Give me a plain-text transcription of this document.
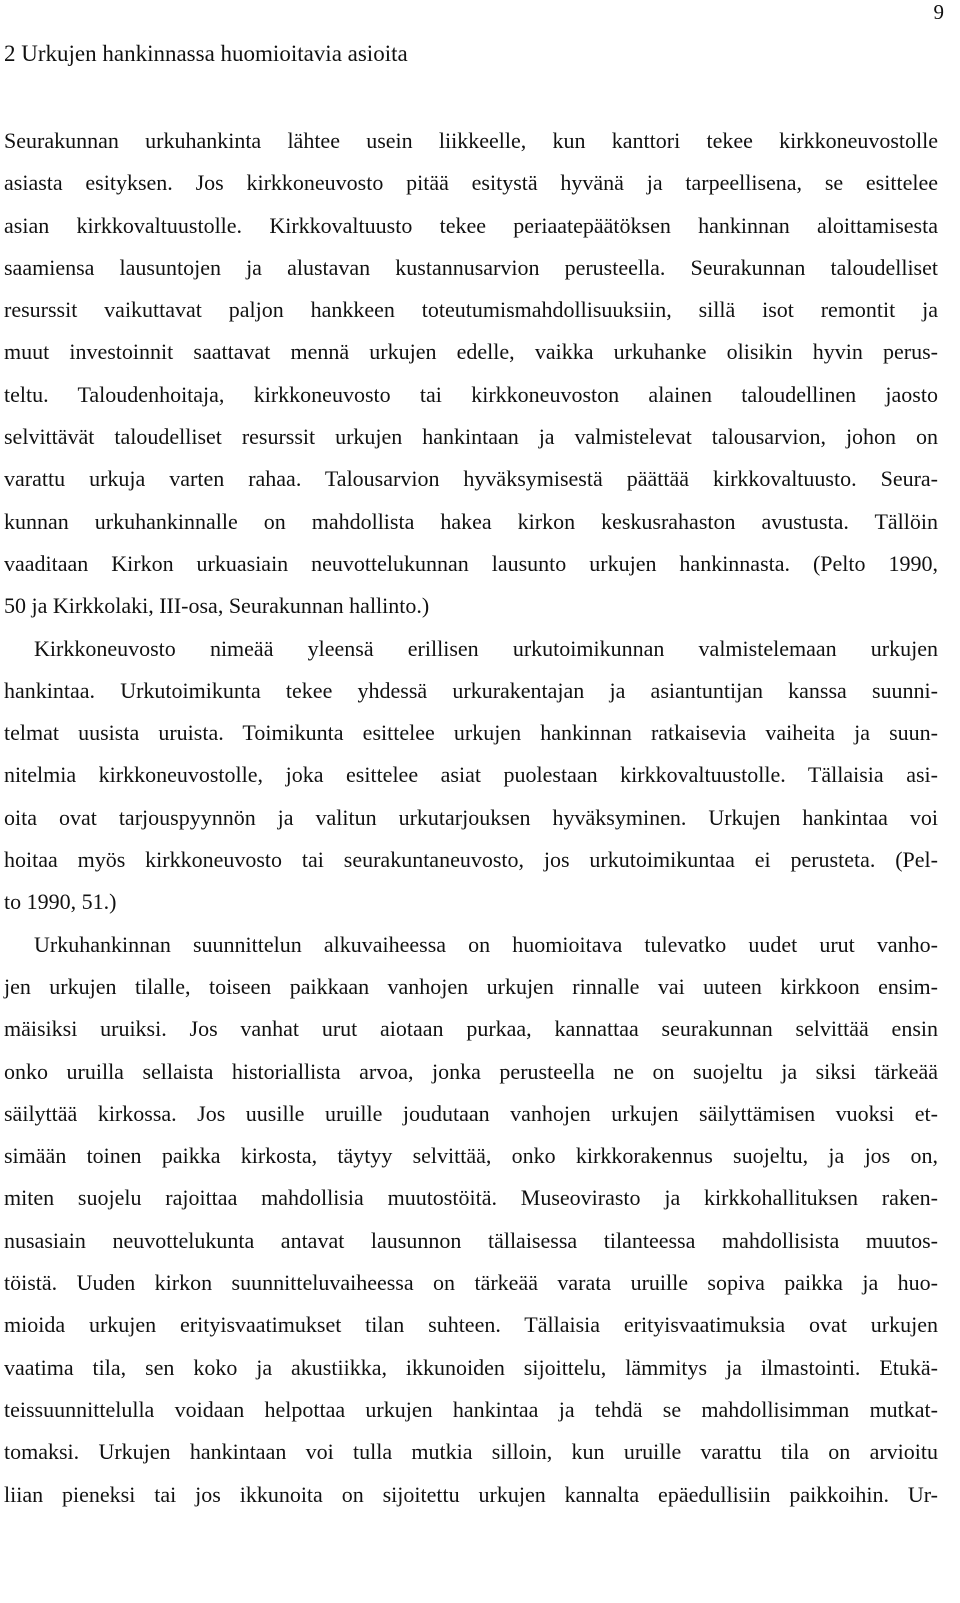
9
2 Urkujen hankinnassa huomioitavia asioita
Seurakunnan urkuhankinta lähtee usein liikkeelle, kun kanttori tekee kirkkoneuvostolle
asiasta esityksen. Jos kirkkoneuvosto pitää esitystä hyvänä ja tarpeellisena, se esittelee
asian kirkkovaltuustolle. Kirkkovaltuusto tekee periaatepäätöksen hankinnan aloittamisesta
saamiensa lausuntojen ja alustavan kustannusarvion perusteella. Seurakunnan taloudelliset
resurssit vaikuttavat paljon hankkeen toteutumismahdollisuuksiin, sillä isot remontit ja
muut investoinnit saattavat mennä urkujen edelle, vaikka urkuhanke olisikin hyvin perus-
teltu. Taloudenhoitaja, kirkkoneuvosto tai kirkkoneuvoston alainen taloudellinen jaosto
selvittävät taloudelliset resurssit urkujen hankintaan ja valmistelevat talousarvion, johon on
varattu urkuja varten rahaa. Talousarvion hyväksymisestä päättää kirkkovaltuusto. Seura-
kunnan urkuhankinnalle on mahdollista hakea kirkon keskusrahaston avustusta. Tällöin
vaaditaan Kirkon urkuasiain neuvottelukunnan lausunto urkujen hankinnasta. (Pelto 1990,
50 ja Kirkkolaki, III-osa, Seurakunnan hallinto.)
Kirkkoneuvosto nimeää yleensä erillisen urkutoimikunnan valmistelemaan urkujen
hankintaa. Urkutoimikunta tekee yhdessä urkurakentajan ja asiantuntijan kanssa suunni-
telmat uusista uruista. Toimikunta esittelee urkujen hankinnan ratkaisevia vaiheita ja suun-
nitelmia kirkkoneuvostolle, joka esittelee asiat puolestaan kirkkovaltuustolle. Tällaisia asi-
oita ovat tarjouspyynnön ja valitun urkutarjouksen hyväksyminen. Urkujen hankintaa voi
hoitaa myös kirkkoneuvosto tai seurakuntaneuvosto, jos urkutoimikuntaa ei perusteta. (Pel-
to 1990, 51.)
Urkuhankinnan suunnittelun alkuvaiheessa on huomioitava tulevatko uudet urut vanho-
jen urkujen tilalle, toiseen paikkaan vanhojen urkujen rinnalle vai uuteen kirkkoon ensim-
mäisiksi uruiksi. Jos vanhat urut aiotaan purkaa, kannattaa seurakunnan selvittää ensin
onko uruilla sellaista historiallista arvoa, jonka perusteella ne on suojeltu ja siksi tärkeää
säilyttää kirkossa. Jos uusille uruille joudutaan vanhojen urkujen säilyttämisen vuoksi et-
simään toinen paikka kirkosta, täytyy selvittää, onko kirkkorakennus suojeltu, ja jos on,
miten suojelu rajoittaa mahdollisia muutostöitä. Museovirasto ja kirkkohallituksen raken-
nusasiain neuvottelukunta antavat lausunnon tällaisessa tilanteessa mahdollisista muutos-
töistä. Uuden kirkon suunnitteluvaiheessa on tärkeää varata uruille sopiva paikka ja huo-
mioida urkujen erityisvaatimukset tilan suhteen. Tällaisia erityisvaatimuksia ovat urkujen
vaatima tila, sen koko ja akustiikka, ikkunoiden sijoittelu, lämmitys ja ilmastointi. Etukä-
teissuunnittelulla voidaan helpottaa urkujen hankintaa ja tehdä se mahdollisimman mutkat-
tomaksi. Urkujen hankintaan voi tulla mutkia silloin, kun uruille varattu tila on arvioitu
liian pieneksi tai jos ikkunoita on sijoitettu urkujen kannalta epäedullisiin paikkoihin. Ur-
